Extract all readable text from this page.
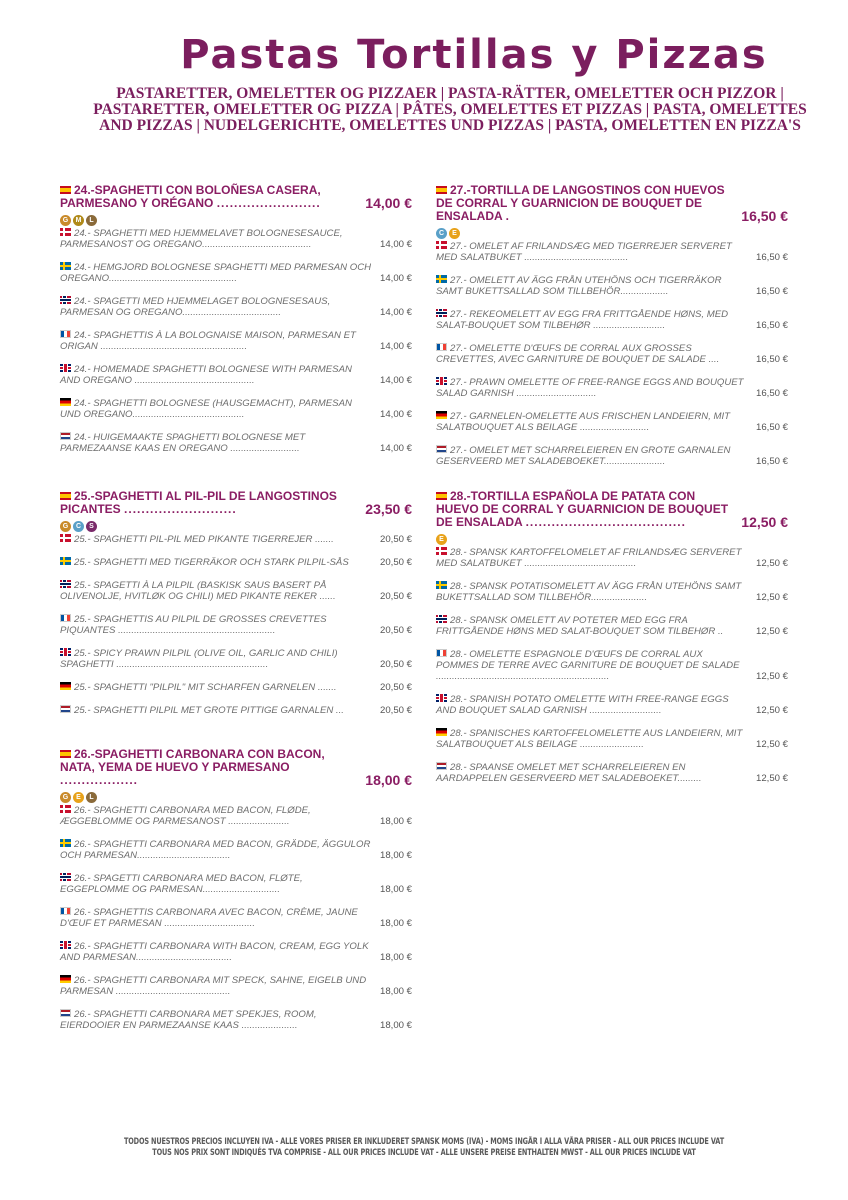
Pastas Tortillas y Pizzas
PASTARETTER, OMELETTER OG PIZZAER | PASTA-RÄTTER, OMELETTER OCH PIZZOR | PASTARETTER, OMELETTER OG PIZZA | PÂTES, OMELETTES ET PIZZAS | PASTA, OMELETTES AND PIZZAS | NUDELGERICHTE, OMELETTES UND PIZZAS | PASTA, OMELETTEN EN PIZZA'S
24.-SPAGHETTI CON BOLOÑESA CASERA, PARMESANO Y ORÉGANO ........................	14,00 €
G M L
24.- SPAGHETTI MED HJEMMELAVET BOLOGNESESAUCE, PARMESANOST OG OREGANO.........................................	14,00 €
24.- HEMGJORD BOLOGNESE SPAGHETTI MED PARMESAN OCH OREGANO................................................	14,00 €
24.- SPAGETTI MED HJEMMELAGET BOLOGNESESAUS, PARMESAN OG OREGANO.....................................	14,00 €
24.- SPAGHETTIS À LA BOLOGNAISE MAISON, PARMESAN ET ORIGAN .......................................................	14,00 €
24.- HOMEMADE SPAGHETTI BOLOGNESE WITH PARMESAN AND OREGANO .............................................	14,00 €
24.- SPAGHETTI BOLOGNESE (HAUSGEMACHT), PARMESAN UND OREGANO..........................................	14,00 €
24.- HUIGEMAAKTE SPAGHETTI BOLOGNESE MET PARMEZAANSE KAAS EN OREGANO ..........................	14,00 €
25.-SPAGHETTI AL PIL-PIL DE LANGOSTINOS PICANTES ..........................	23,50 €
G C S
25.- SPAGHETTI PIL-PIL MED PIKANTE TIGERREJER .......	20,50 €
25.- SPAGHETTI MED TIGERRÄKOR OCH STARK PILPIL-SÅS	20,50 €
25.- SPAGETTI À LA PILPIL (BASKISK SAUS BASERT PÅ OLIVENOLJE, HVITLØK OG CHILI) MED PIKANTE REKER ......	20,50 €
25.- SPAGHETTIS AU PILPIL DE GROSSES CREVETTES PIQUANTES ...........................................................	20,50 €
25.- SPICY PRAWN PILPIL (OLIVE OIL, GARLIC AND CHILI) SPAGHETTI .........................................................	20,50 €
25.- SPAGHETTI "PILPIL" MIT SCHARFEN GARNELEN .......	20,50 €
25.- SPAGHETTI PILPIL MET GROTE PITTIGE GARNALEN ...	20,50 €
26.-SPAGHETTI CARBONARA CON BACON, NATA, YEMA DE HUEVO Y PARMESANO ..................	18,00 €
G E L
26.- SPAGHETTI CARBONARA MED BACON, FLØDE, ÆGGEBLOMME OG PARMESANOST .......................	18,00 €
26.- SPAGHETTI CARBONARA MED BACON, GRÄDDE, ÄGGULOR OCH PARMESAN...................................	18,00 €
26.- SPAGETTI CARBONARA MED BACON, FLØTE, EGGEPLOMME OG PARMESAN.............................	18,00 €
26.- SPAGHETTIS CARBONARA AVEC BACON, CRÈME, JAUNE D'ŒUF ET PARMESAN ..................................	18,00 €
26.- SPAGHETTI CARBONARA WITH BACON, CREAM, EGG YOLK AND PARMESAN....................................	18,00 €
26.- SPAGHETTI CARBONARA MIT SPECK, SAHNE, EIGELB UND PARMESAN ...........................................	18,00 €
26.- SPAGHETTI CARBONARA MET SPEKJES, ROOM, EIERDOOIER EN PARMEZAANSE KAAS .....................	18,00 €
27.-TORTILLA DE LANGOSTINOS CON HUEVOS DE CORRAL Y GUARNICION DE BOUQUET DE ENSALADA .	16,50 €
C E
27.- OMELET AF FRILANDSÆG MED TIGERREJER SERVERET MED SALATBUKET .......................................	16,50 €
27.- OMELETT AV ÄGG FRÅN UTEHÖNS OCH TIGERRÄKOR SAMT BUKETTSALLAD SOM TILLBEHÖR..................	16,50 €
27.- REKEOMELETT AV EGG FRA FRITTGÅENDE HØNS, MED SALAT-BOUQUET SOM TILBEHØR ...........................	16,50 €
27.- OMELETTE D'ŒUFS DE CORRAL AUX GROSSES CREVETTES, AVEC GARNITURE DE BOUQUET DE SALADE ....	16,50 €
27.- PRAWN OMELETTE OF FREE-RANGE EGGS AND BOUQUET SALAD GARNISH ..............................	16,50 €
27.- GARNELEN-OMELETTE AUS FRISCHEN LANDEIERN, MIT SALATBOUQUET ALS BEILAGE ..........................	16,50 €
27.- OMELET MET SCHARRELEIEREN EN GROTE GARNALEN GESERVEERD MET SALADEBOEKET.......................	16,50 €
28.-TORTILLA ESPAÑOLA DE PATATA CON HUEVO DE CORRAL Y GUARNICION DE BOUQUET DE ENSALADA .....................................	12,50 €
E
28.- SPANSK KARTOFFELOMELET AF FRILANDSÆG SERVERET MED SALATBUKET ..........................................	12,50 €
28.- SPANSK POTATISOMELETT AV ÄGG FRÅN UTEHÖNS SAMT BUKETTSALLAD SOM TILLBEHÖR.....................	12,50 €
28.- SPANSK OMELETT AV POTETER MED EGG FRA FRITTGÅENDE HØNS MED SALAT-BOUQUET SOM TILBEHØR ..	12,50 €
28.- OMELETTE ESPAGNOLE D'ŒUFS DE CORRAL AUX POMMES DE TERRE AVEC GARNITURE DE BOUQUET DE SALADE .................................................................	12,50 €
28.- SPANISH POTATO OMELETTE WITH FREE-RANGE EGGS AND BOUQUET SALAD GARNISH ...........................	12,50 €
28.- SPANISCHES KARTOFFELOMELETTE AUS LANDEIERN, MIT SALATBOUQUET ALS BEILAGE ........................	12,50 €
28.- SPAANSE OMELET MET SCHARRELEIEREN EN AARDAPPELEN GESERVEERD MET SALADEBOEKET.........	12,50 €
TODOS NUESTROS PRECIOS INCLUYEN IVA - ALLE VORES PRISER ER INKLUDERET SPANSK MOMS (IVA) - MOMS INGÅR I ALLA VÅRA PRISER - ALL OUR PRICES INCLUDE VAT
TOUS NOS PRIX SONT INDIQUÉS TVA COMPRISE - ALL OUR PRICES INCLUDE VAT - ALLE UNSERE PREISE ENTHALTEN MWST - ALL OUR PRICES INCLUDE VAT
